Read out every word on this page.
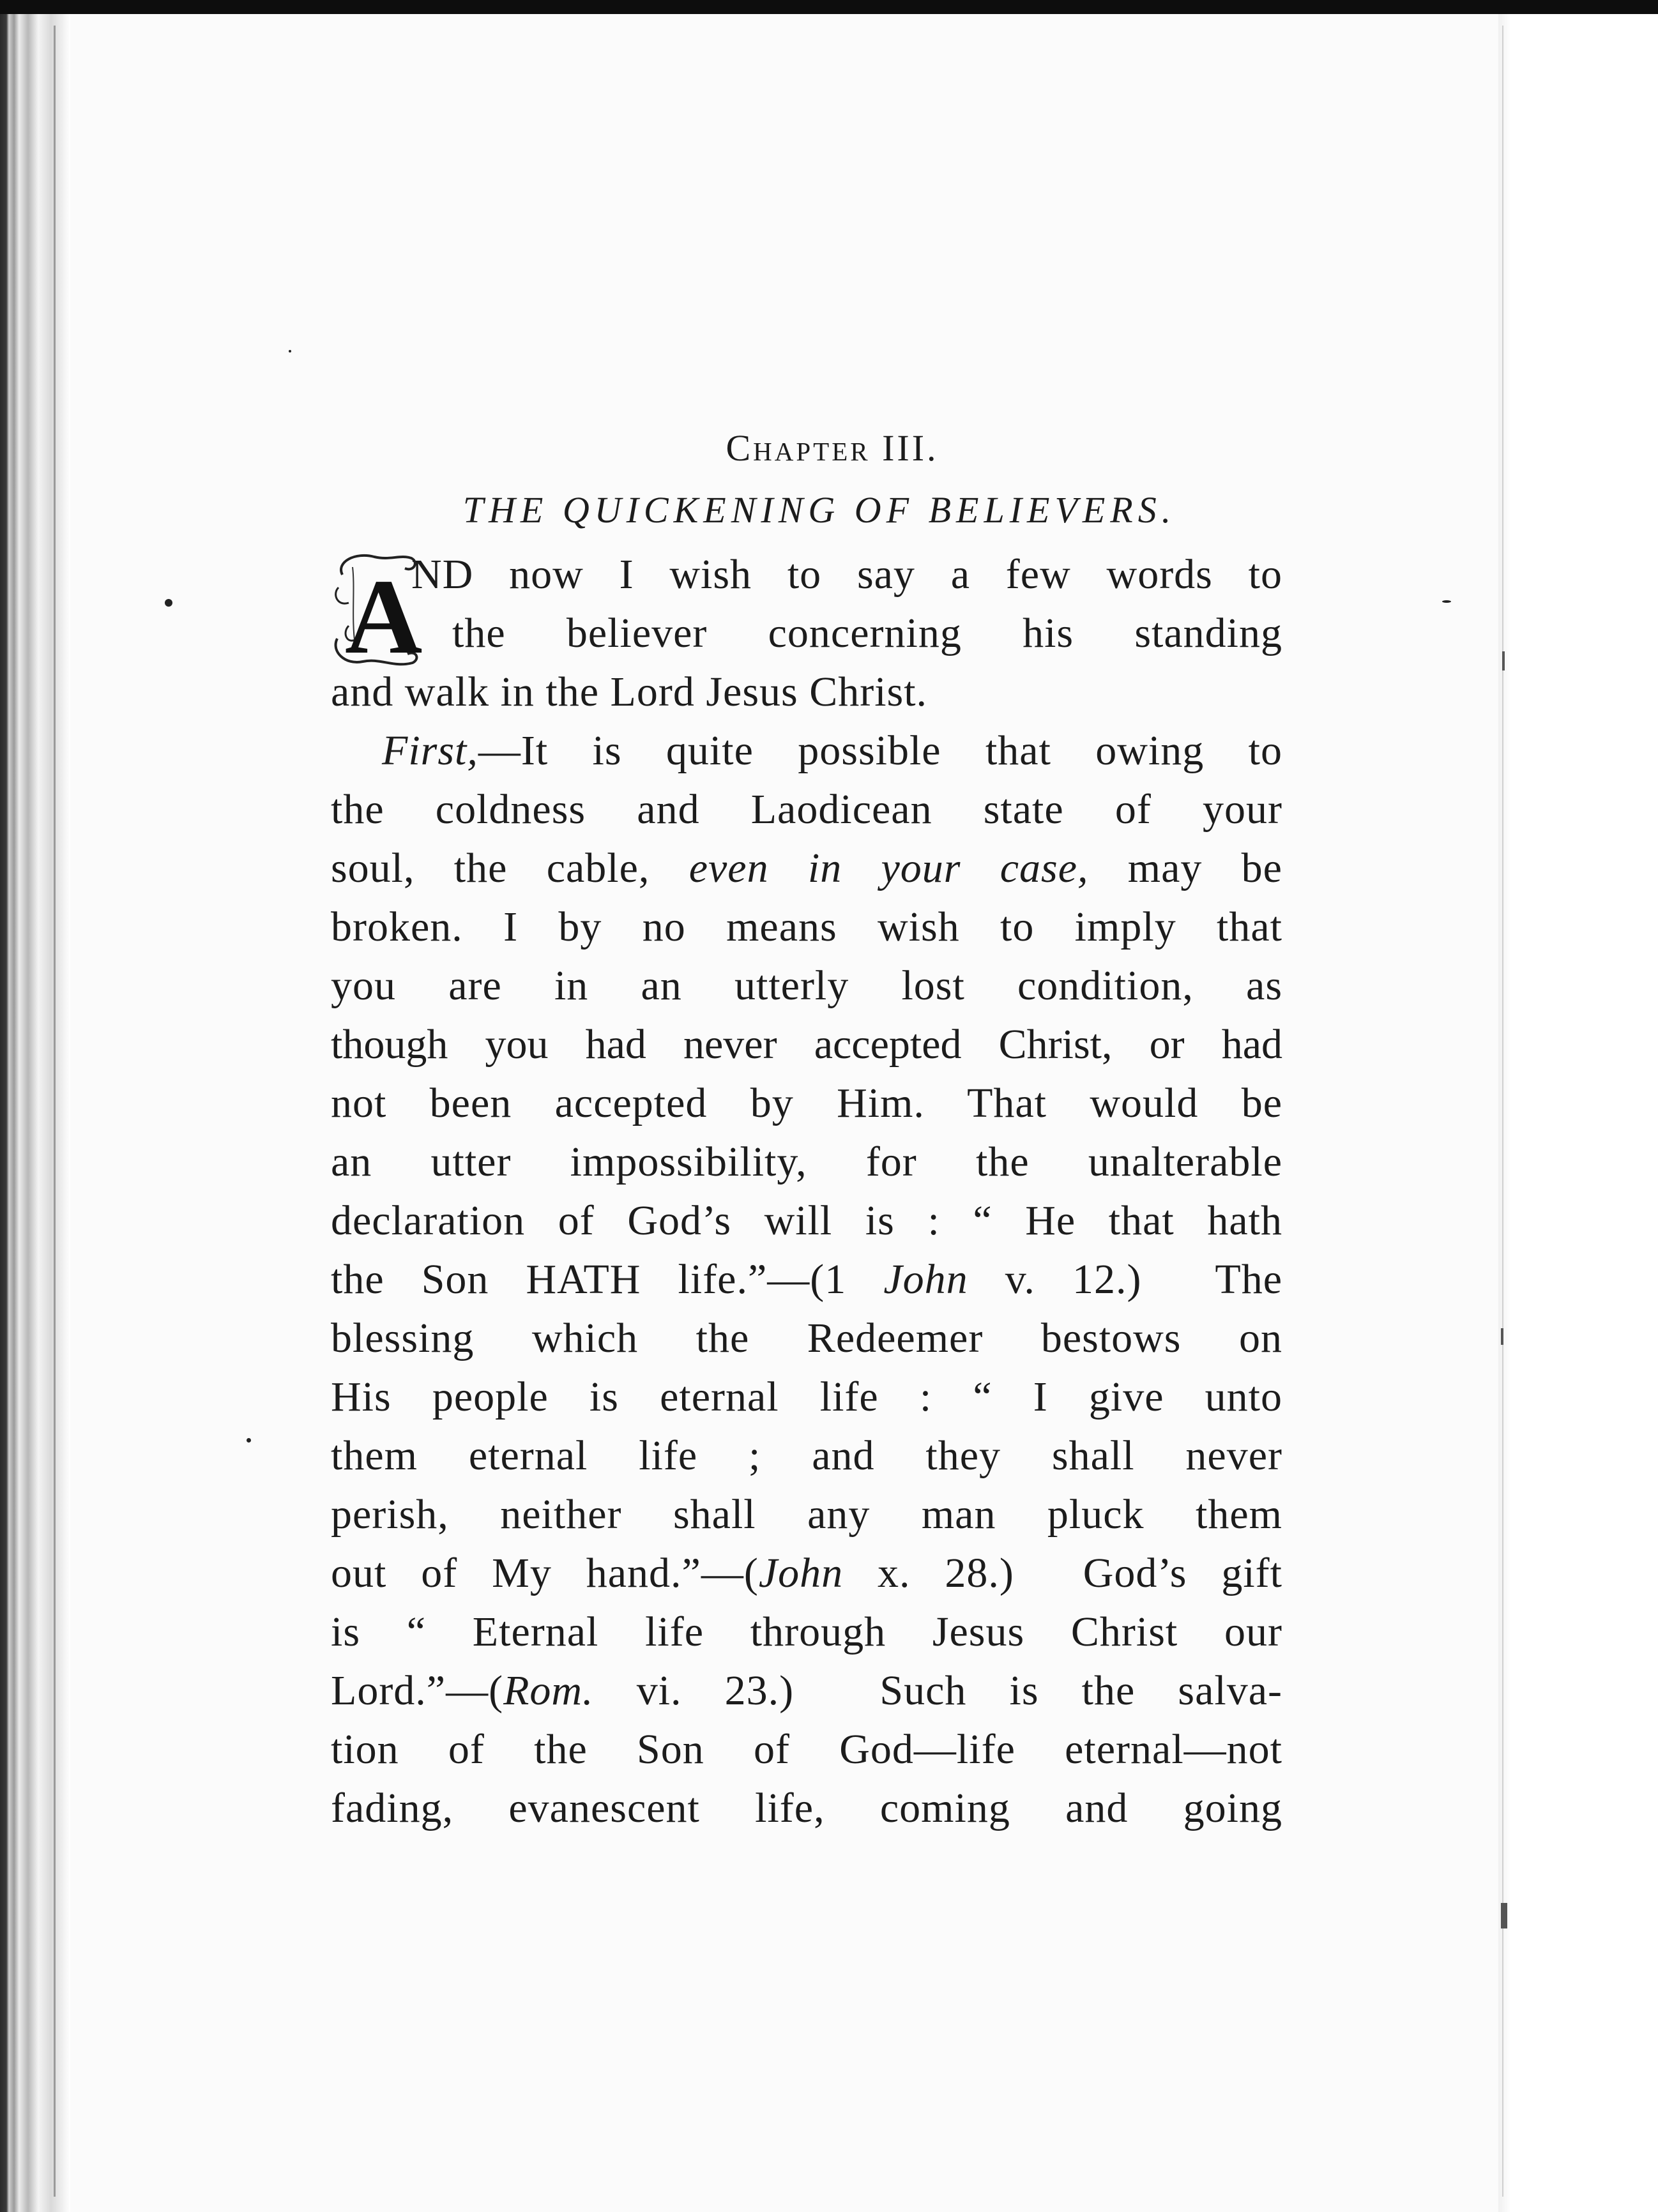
Chapter III.
THE QUICKENING OF BELIEVERS.
A
ND now I wish to say a few words to
the believer concerning his standing
and walk in the Lord Jesus Christ.
First,—It is quite possible that owing to
the coldness and Laodicean state of your
soul, the cable, even in your case, may be
broken. I by no means wish to imply that
you are in an utterly lost condition, as
though you had never accepted Christ, or had
not been accepted by Him. That would be
an utter impossibility, for the unalterable
declaration of God’s will is : “ He that hath
the Son HATH life.”—(1 John v. 12.)  The
blessing which the Redeemer bestows on
His people is eternal life : “ I give unto
them eternal life ; and they shall never
perish, neither shall any man pluck them
out of My hand.”—(John x. 28.)  God’s gift
is “ Eternal life through Jesus Christ our
Lord.”—(Rom. vi. 23.)  Such is the salva-
tion of the Son of God—life eternal—not
fading, evanescent life, coming and going
